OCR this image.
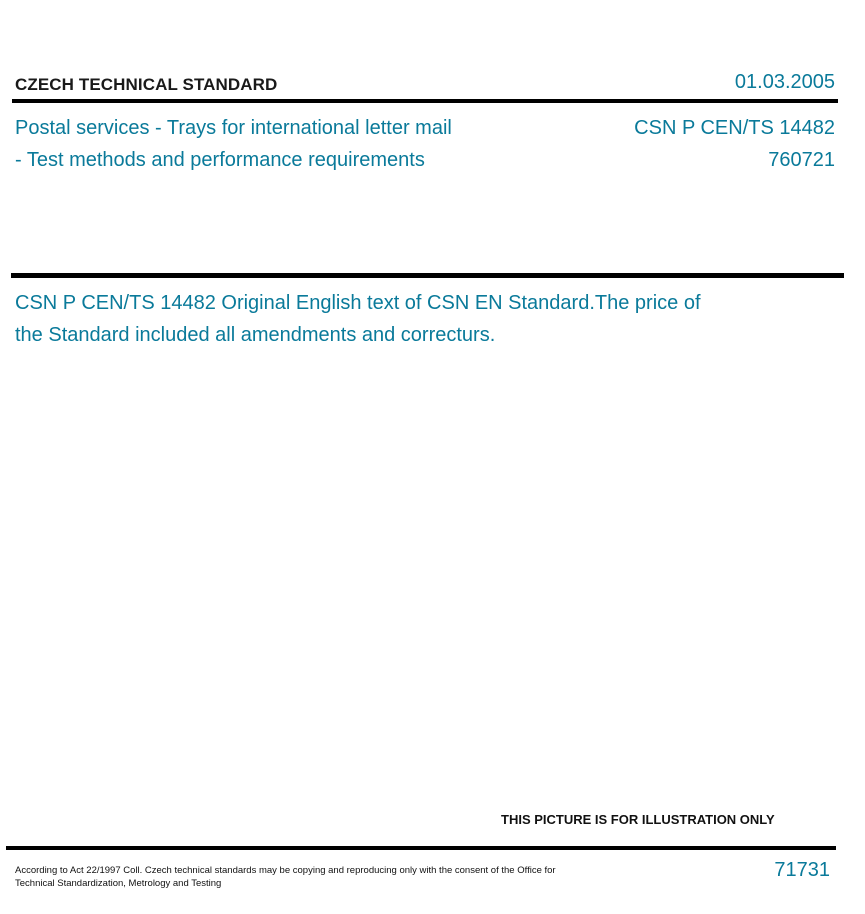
CZECH TECHNICAL STANDARD	01.03.2005
Postal services - Trays for international letter mail
- Test methods and performance requirements
CSN P CEN/TS 14482
760721
CSN P CEN/TS 14482 Original English text of CSN EN Standard.The price of the Standard included all amendments and correcturs.
THIS PICTURE IS FOR ILLUSTRATION ONLY
According to Act 22/1997 Coll. Czech technical standards may be copying and reproducing only with the consent of the Office for Technical Standardization, Metrology and Testing
71731
